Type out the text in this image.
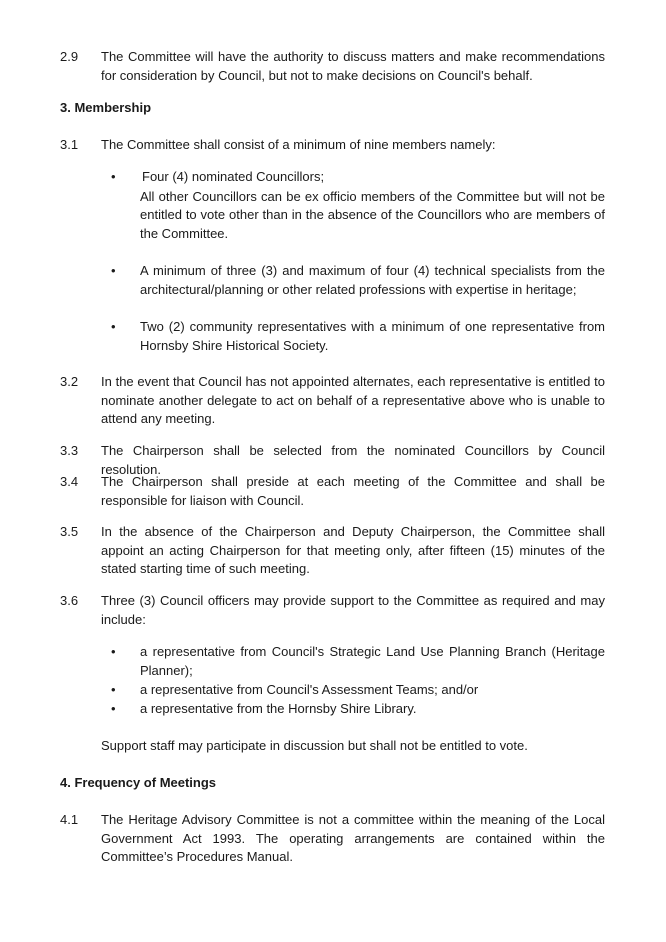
2.9	The Committee will have the authority to discuss matters and make recommendations for consideration by Council, but not to make decisions on Council's behalf.
3. Membership
3.1	The Committee shall consist of a minimum of nine members namely:
•	Four (4) nominated Councillors;
All other Councillors can be ex officio members of the Committee but will not be entitled to vote other than in the absence of the Councillors who are members of the Committee.
•	A minimum of three (3) and maximum of four (4) technical specialists from the architectural/planning or other related professions with expertise in heritage;
•	Two (2) community representatives with a minimum of one representative from Hornsby Shire Historical Society.
3.2	In the event that Council has not appointed alternates, each representative is entitled to nominate another delegate to act on behalf of a representative above who is unable to attend any meeting.
3.3	The Chairperson shall be selected from the nominated Councillors by Council resolution.
3.4	The Chairperson shall preside at each meeting of the Committee and shall be responsible for liaison with Council.
3.5	In the absence of the Chairperson and Deputy Chairperson, the Committee shall appoint an acting Chairperson for that meeting only, after fifteen (15) minutes of the stated starting time of such meeting.
3.6	Three (3) Council officers may provide support to the Committee as required and may include:
•	a representative from Council's Strategic Land Use Planning Branch (Heritage Planner);
•	a representative from Council's Assessment Teams; and/or
•	a representative from the Hornsby Shire Library.
Support staff may participate in discussion but shall not be entitled to vote.
4. Frequency of Meetings
4.1	The Heritage Advisory Committee is not a committee within the meaning of the Local Government Act 1993. The operating arrangements are contained within the Committee’s Procedures Manual.
